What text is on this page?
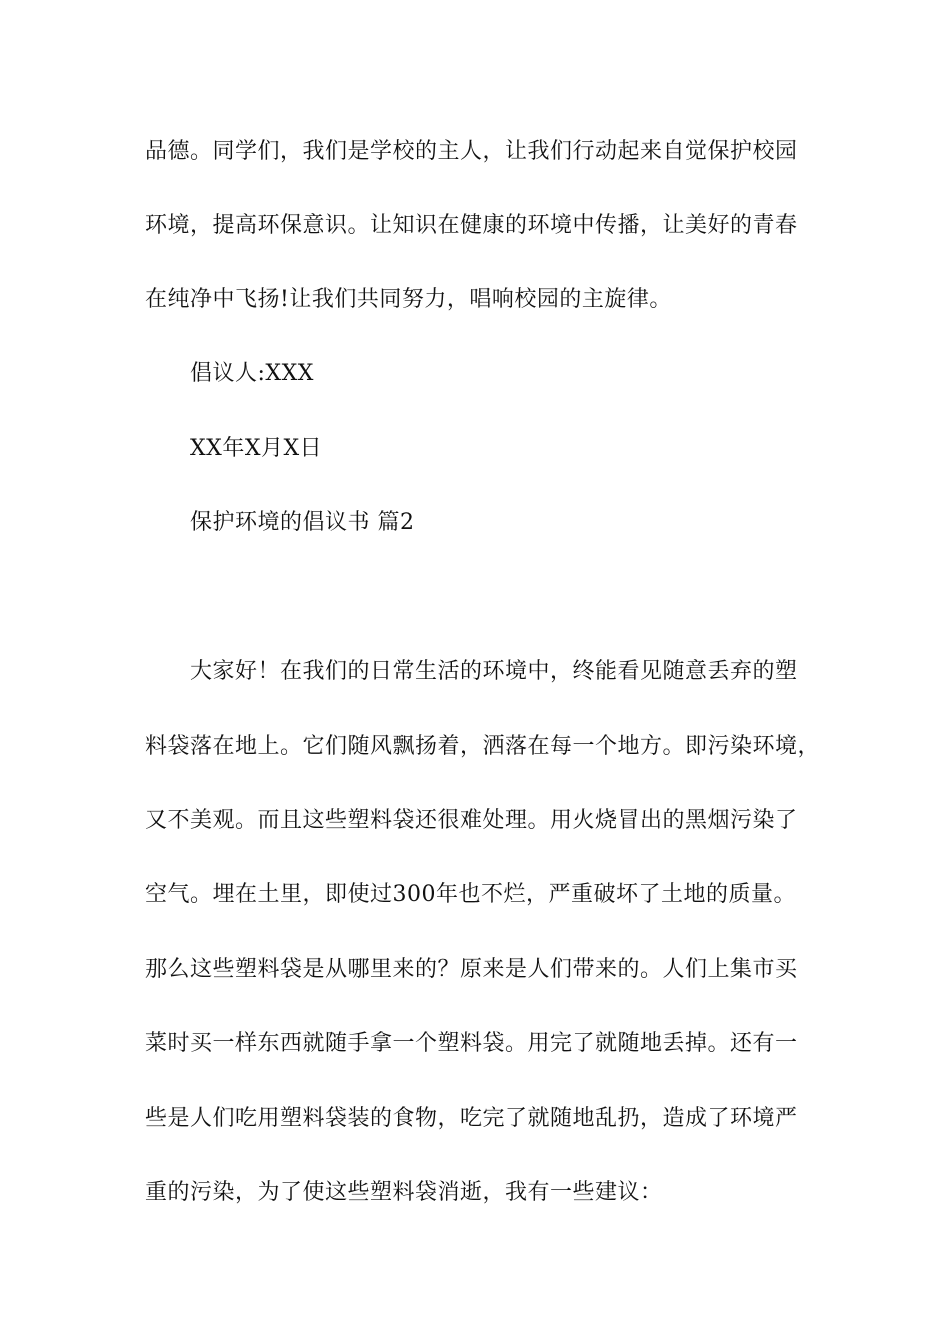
品德。同学们，我们是学校的主人，让我们行动起来自觉保护校园
环境，提高环保意识。让知识在健康的环境中传播，让美好的青春
在纯净中飞扬!让我们共同努力，唱响校园的主旋律。
倡议人:XXX
XX年X月X日
保护环境的倡议书 篇2
大家好！在我们的日常生活的环境中，终能看见随意丢弃的塑
料袋落在地上。它们随风飘扬着，洒落在每一个地方。即污染环境，
又不美观。而且这些塑料袋还很难处理。用火烧冒出的黑烟污染了
空气。埋在土里，即使过300年也不烂，严重破坏了土地的质量。
那么这些塑料袋是从哪里来的？原来是人们带来的。人们上集市买
菜时买一样东西就随手拿一个塑料袋。用完了就随地丢掉。还有一
些是人们吃用塑料袋装的食物，吃完了就随地乱扔，造成了环境严
重的污染，为了使这些塑料袋消逝，我有一些建议：
